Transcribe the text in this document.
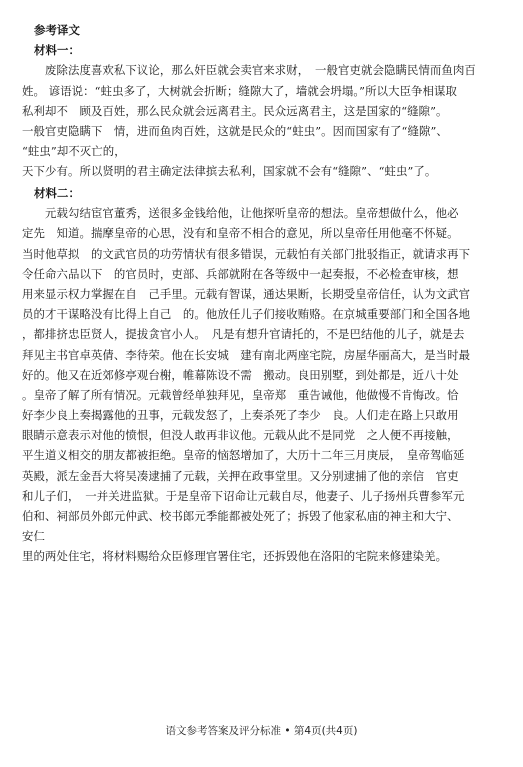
参考译文
材料一：
　　废除法度喜欢私下议论，那么奸臣就会卖官来求财，　一般官吏就会隐瞒民情而鱼肉百
姓。 谚语说：“蛀虫多了，大树就会折断；缝隙大了，墙就会坍塌。”所以大臣争相谋取
私利却不　顾及百姓，那么民众就会远离君主。民众远离君主，这是国家的“缝隙”。
一般官吏隐瞒下　情，进而鱼肉百姓，这就是民众的“蛀虫”。因而国家有了“缝隙”、
“蛀虫”却不灭亡的，
天下少有。所以贤明的君主确定法律摈去私利，国家就不会有“缝隙”、“蛀虫”了。
材料二：
　　元载勾结宦官董秀，送很多金钱给他，让他探听皇帝的想法。皇帝想做什么，他必
定先　知道。揣摩皇帝的心思，没有和皇帝不相合的意见，所以皇帝任用他毫不怀疑。
当时他草拟　的文武官员的功劳情状有很多错误，元载怕有关部门批驳指正，就请求再下
令任命六品以下　的官员时，吏部、兵部就附在各等级中一起奏报，不必检查审核，想
用来显示权力掌握在自　己手里。元载有智谋，通达果断，长期受皇帝信任，认为文武官
员的才干谋略没有比得上自己　的。他放任儿子们接收贿赂。在京城重要部门和全国各地
，都排挤忠臣贤人，提拔贪官小人。　凡是有想升官请托的，不是巴结他的儿子，就是去
拜见主书官卓英倩、李待荣。他在长安城　建有南北两座宅院，房屋华丽高大，是当时最
好的。他又在近郊修亭观台榭，帷幕陈设不需　搬动。良田别墅，到处都是，近八十处
。皇帝了解了所有情况。元载曾经单独拜见，皇帝郑　重告诫他，他做慢不肯悔改。恰
好李少良上奏揭露他的丑事，元载发怒了，上奏杀死了李少　良。人们走在路上只敢用
眼睛示意表示对他的愤恨，但没人敢再非议他。元载从此不是同党　之人便不再接触，
平生道义相交的朋友都被拒绝。皇帝的恼怒增加了，大历十二年三月庚辰，　皇帝驾临延
英殿，派左金吾大将吴凑逮捕了元载，关押在政事堂里。又分别逮捕了他的亲信　官吏
和儿子们，　一并关进监狱。于是皇帝下诏命让元载自尽，他妻子、儿子扬州兵曹参军元
伯和、祠部员外郎元仲武、校书郎元季能都被处死了；拆毁了他家私庙的神主和大宁、
安仁
里的两处住宅，将材料赐给众臣修理官署住宅，还拆毁他在洛阳的宅院来修建染羌。
语文参考答案及评分标准 • 第4页(共4页)
